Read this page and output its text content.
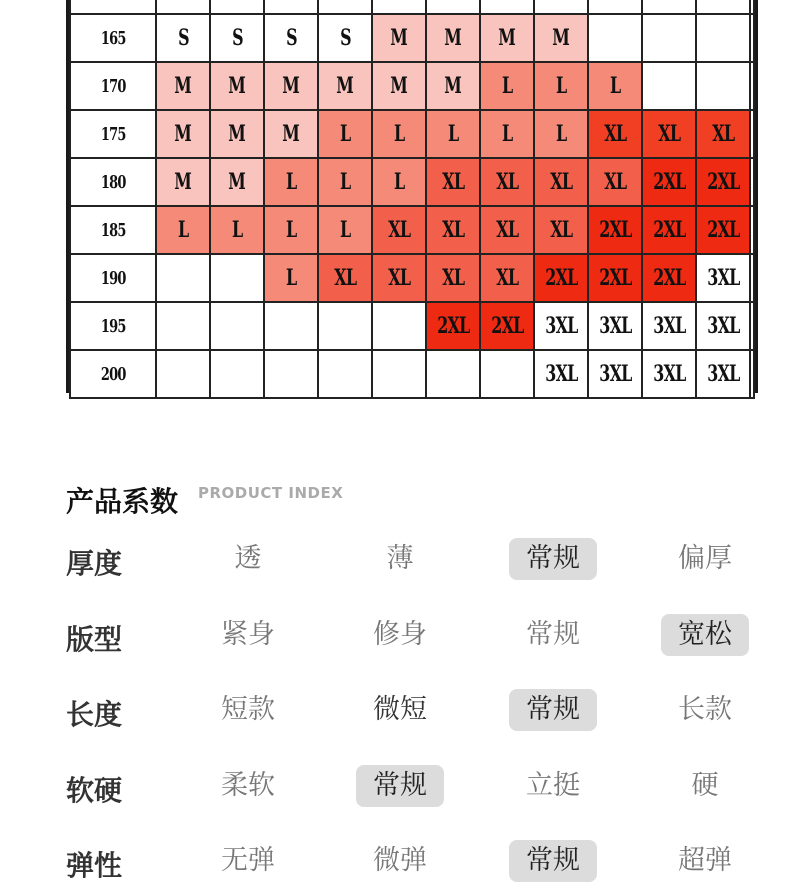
165	S	S	S	S	M	M	M	M				
170	M	M	M	M	M	M	L	L	L			
175	M	M	M	L	L	L	L	L	XL	XL	XL	
180	M	M	L	L	L	XL	XL	XL	XL	2XL	2XL	
185	L	L	L	L	XL	XL	XL	XL	2XL	2XL	2XL	
190			L	XL	XL	XL	XL	2XL	2XL	2XL	3XL	
195						2XL	2XL	3XL	3XL	3XL	3XL	
200								3XL	3XL	3XL	3XL	
产品系数 PRODUCT INDEX
厚度	透	薄	常规	偏厚
版型	紧身	修身	常规	宽松
长度	短款	微短	常规	长款
软硬	柔软	常规	立挺	硬
弹性	无弹	微弹	常规	超弹
